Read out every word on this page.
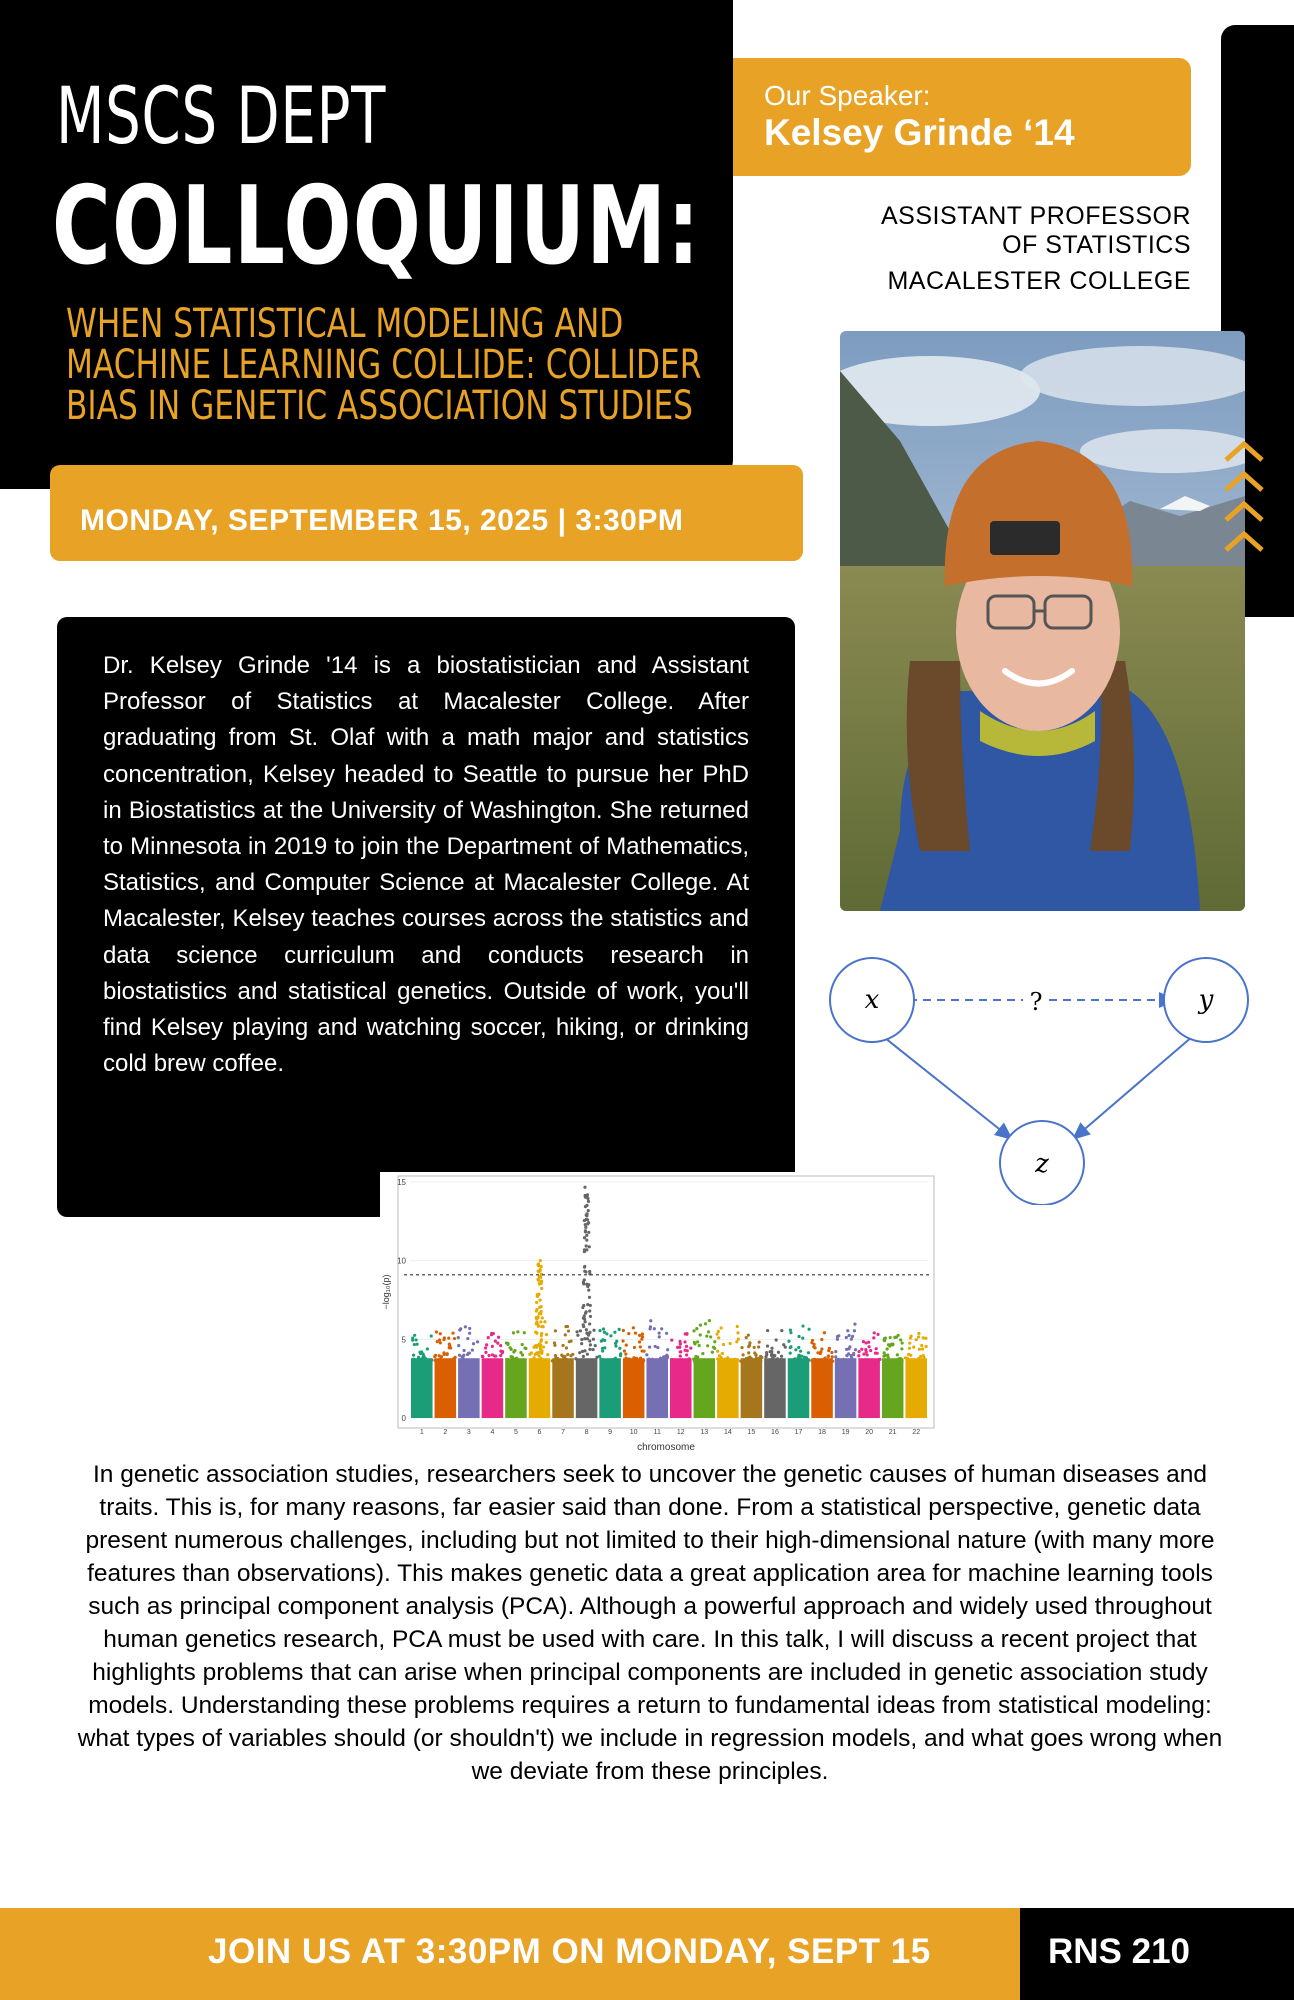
MSCS DEPT
COLLOQUIUM:
WHEN STATISTICAL MODELING AND
MACHINE LEARNING COLLIDE: COLLIDER
BIAS IN GENETIC ASSOCIATION STUDIES
MONDAY, SEPTEMBER 15, 2025 | 3:30PM
Our Speaker:
Kelsey Grinde ‘14
ASSISTANT PROFESSOR
OF STATISTICS
MACALESTER COLLEGE
Dr. Kelsey Grinde '14 is a biostatistician and Assistant Professor of Statistics at Macalester College. After graduating from St. Olaf with a math major and statistics concentration, Kelsey headed to Seattle to pursue her PhD in Biostatistics at the University of Washington. She returned to Minnesota in 2019 to join the Department of Mathematics, Statistics, and Computer Science at Macalester College. At Macalester, Kelsey teaches courses across the statistics and data science curriculum and conducts research in biostatistics and statistical genetics. Outside of work, you'll find Kelsey playing and watching soccer, hiking, or drinking cold brew coffee.
?
x	y
z
0
5
10
15
1	2	3	4	5	6	7	8	9	10 11 12 13 14 15 16 17 18 19 20 21 22
chromosome
−log₁₀(p)
In genetic association studies, researchers seek to uncover the genetic causes of human diseases and traits. This is, for many reasons, far easier said than done. From a statistical perspective, genetic data present numerous challenges, including but not limited to their high-dimensional nature (with many more features than observations). This makes genetic data a great application area for machine learning tools such as principal component analysis (PCA). Although a powerful approach and widely used throughout human genetics research, PCA must be used with care. In this talk, I will discuss a recent project that highlights problems that can arise when principal components are included in genetic association study models. Understanding these problems requires a return to fundamental ideas from statistical modeling: what types of variables should (or shouldn't) we include in regression models, and what goes wrong when we deviate from these principles.
JOIN US AT 3:30PM ON MONDAY, SEPT 15	RNS 210
